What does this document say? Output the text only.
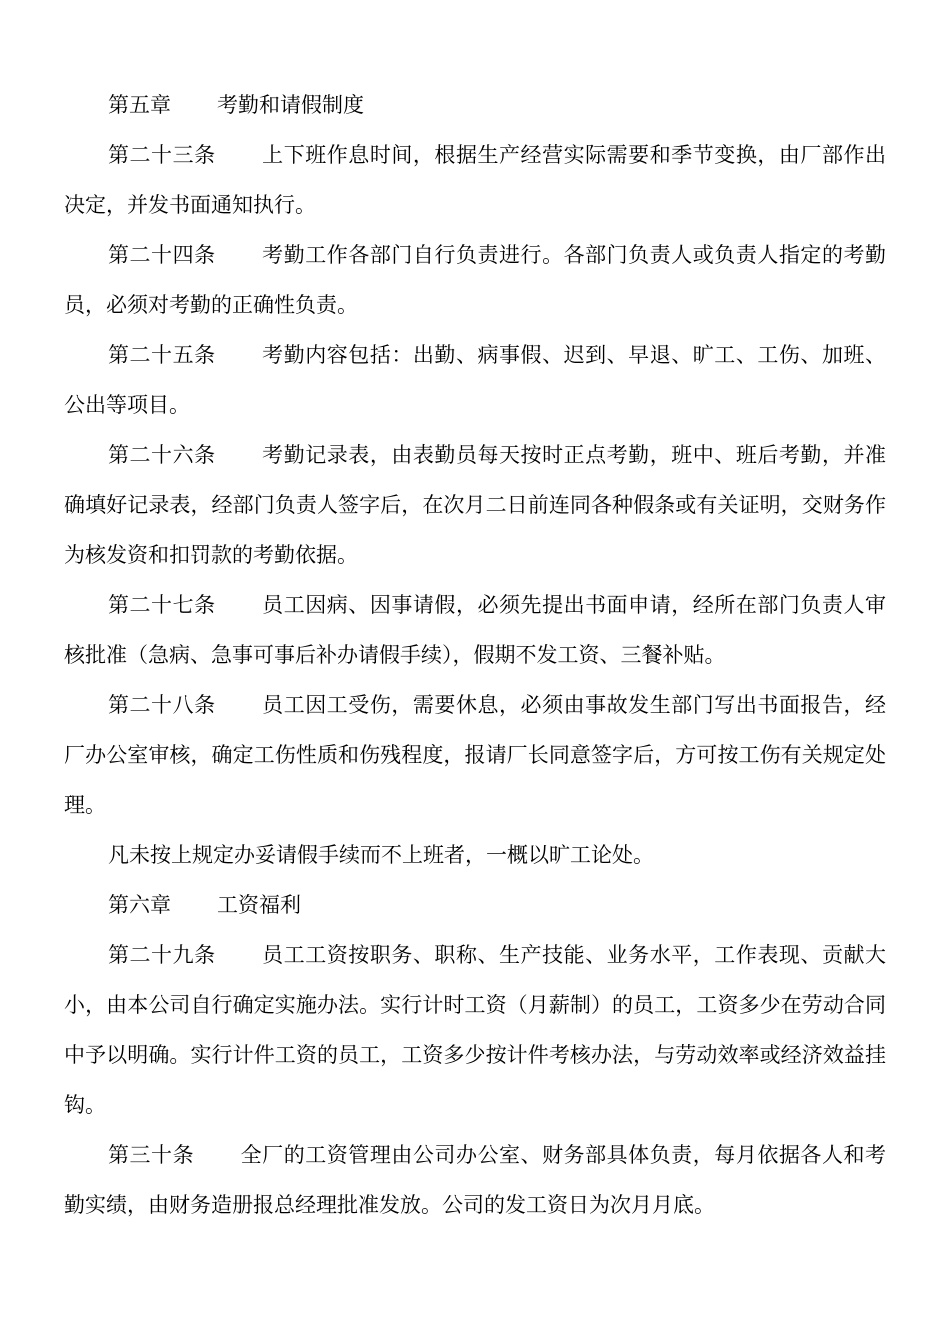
第五章 考勤和请假制度

第二十三条 上下班作息时间，根据生产经营实际需要和季节变换，由厂部作出决定，并发书面通知执行。

第二十四条 考勤工作各部门自行负责进行。各部门负责人或负责人指定的考勤员，必须对考勤的正确性负责。

第二十五条 考勤内容包括：出勤、病事假、迟到、早退、旷工、工伤、加班、公出等项目。

第二十六条 考勤记录表，由表勤员每天按时正点考勤，班中、班后考勤，并准确填好记录表，经部门负责人签字后，在次月二日前连同各种假条或有关证明，交财务作为核发资和扣罚款的考勤依据。

第二十七条 员工因病、因事请假，必须先提出书面申请，经所在部门负责人审核批准（急病、急事可事后补办请假手续），假期不发工资、三餐补贴。

第二十八条 员工因工受伤，需要休息，必须由事故发生部门写出书面报告，经厂办公室审核，确定工伤性质和伤残程度，报请厂长同意签字后，方可按工伤有关规定处理。

凡未按上规定办妥请假手续而不上班者，一概以旷工论处。

第六章 工资福利

第二十九条 员工工资按职务、职称、生产技能、业务水平，工作表现、贡献大小，由本公司自行确定实施办法。实行计时工资（月薪制）的员工，工资多少在劳动合同中予以明确。实行计件工资的员工，工资多少按计件考核办法，与劳动效率或经济效益挂钩。

第三十条 全厂的工资管理由公司办公室、财务部具体负责，每月依据各人和考勤实绩，由财务造册报总经理批准发放。公司的发工资日为次月月底。
